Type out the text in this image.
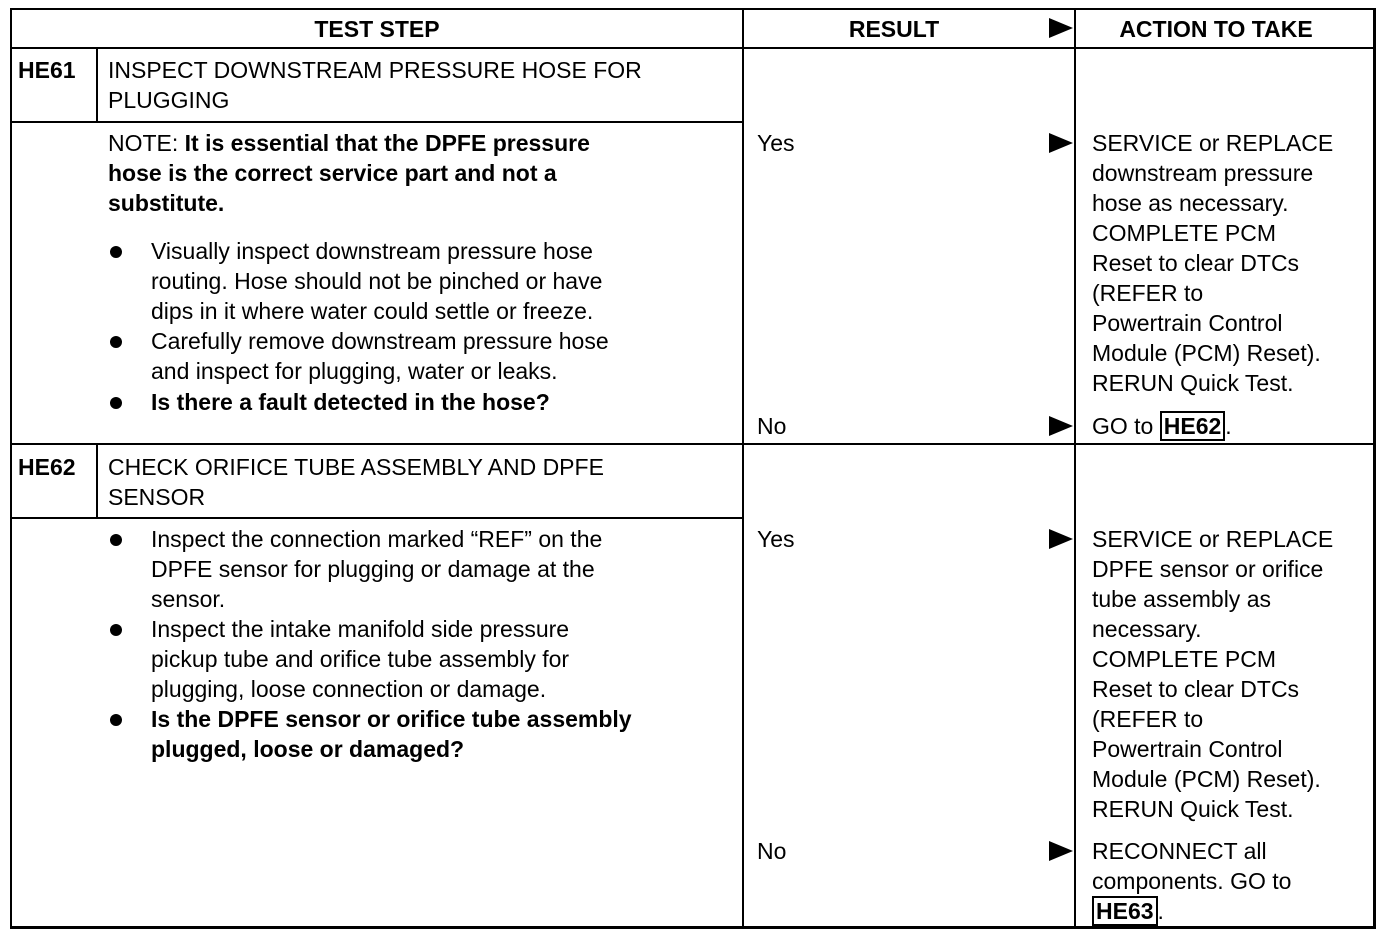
TEST STEP	RESULT	ACTION TO TAKE
HE61 INSPECT DOWNSTREAM PRESSURE HOSE FOR
PLUGGING
NOTE: It is essential that the DPFE pressure
hose is the correct service part and not a
substitute.
Visually inspect downstream pressure hose
routing. Hose should not be pinched or have
dips in it where water could settle or freeze.
Carefully remove downstream pressure hose
and inspect for plugging, water or leaks.
Is there a fault detected in the hose?
Yes	SERVICE or REPLACE
downstream pressure
hose as necessary.
COMPLETE PCM
Reset to clear DTCs
(REFER to
Powertrain Control
Module (PCM) Reset).
RERUN Quick Test.
No	GO to HE62 .
HE62 CHECK ORIFICE TUBE ASSEMBLY AND DPFE
SENSOR
Inspect the connection marked “REF” on the
DPFE sensor for plugging or damage at the
sensor.
Inspect the intake manifold side pressure
pickup tube and orifice tube assembly for
plugging, loose connection or damage.
Is the DPFE sensor or orifice tube assembly
plugged, loose or damaged?
Yes	SERVICE or REPLACE
DPFE sensor or orifice
tube assembly as
necessary.
COMPLETE PCM
Reset to clear DTCs
(REFER to
Powertrain Control
Module (PCM) Reset).
RERUN Quick Test.
No	RECONNECT all
components. GO to
HE63 .
